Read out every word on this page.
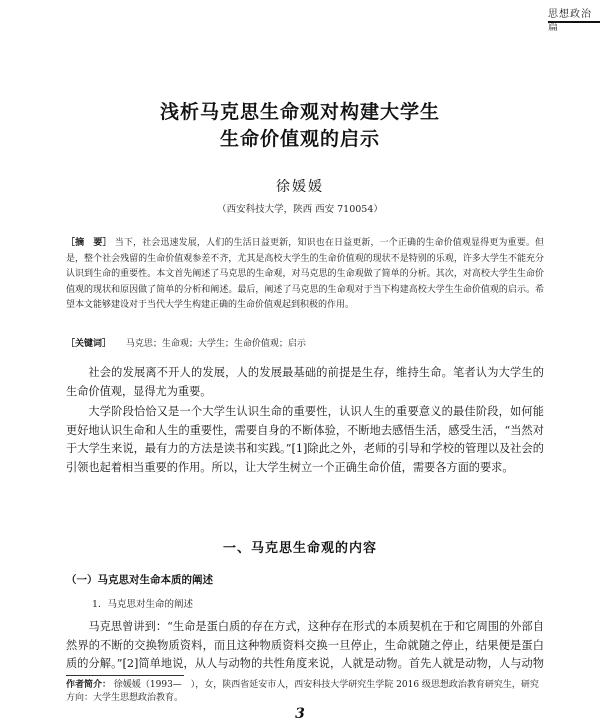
思想政治篇
浅析马克思生命观对构建大学生
生命价值观的启示
徐媛媛
（西安科技大学，陕西 西安 710054）
［摘　要］ 当下，社会迅速发展，人们的生活日益更新，知识也在日益更新，一个正确的生命价值观显得更为重要。但是，整个社会残留的生命价值观参差不齐，尤其是高校大学生的生命价值观的现状不是特别的乐观，许多大学生不能充分认识到生命的重要性。本文首先阐述了马克思的生命观，对马克思的生命观做了简单的分析。其次，对高校大学生生命价值观的现状和原因做了简单的分析和阐述。最后，阐述了马克思的生命观对于当下构建高校大学生生命价值观的启示。希望本文能够建设对于当代大学生构建正确的生命价值观起到积极的作用。
［关键词］ 马克思；生命观；大学生；生命价值观；启示
社会的发展离不开人的发展，人的发展最基础的前提是生存，维持生命。笔者认为大学生的生命价值观，显得尤为重要。
大学阶段恰恰又是一个大学生认识生命的重要性，认识人生的重要意义的最佳阶段，如何能更好地认识生命和人生的重要性，需要自身的不断体验，不断地去感悟生活，感受生活，“当然对于大学生来说，最有力的方法是读书和实践。”[1]除此之外，老师的引导和学校的管理以及社会的引领也起着相当重要的作用。所以，让大学生树立一个正确生命价值，需要各方面的要求。
一、马克思生命观的内容
（一）马克思对生命本质的阐述
1．马克思对生命的阐述
马克思曾讲到：“生命是蛋白质的存在方式，这种存在形式的本质契机在于和它周围的外部自然界的不断的交换物质资料，而且这种物质资料交换一旦停止，生命就随之停止，结果便是蛋白质的分解。”[2]简单地说，从人与动物的共性角度来说，人就是动物。首先人就是动物，人与动物
作者简介： 徐媛媛（1993—　），女，陕西省延安市人，西安科技大学研究生学院 2016 级思想政治教育研究生，研究方向：大学生思想政治教育。
3
